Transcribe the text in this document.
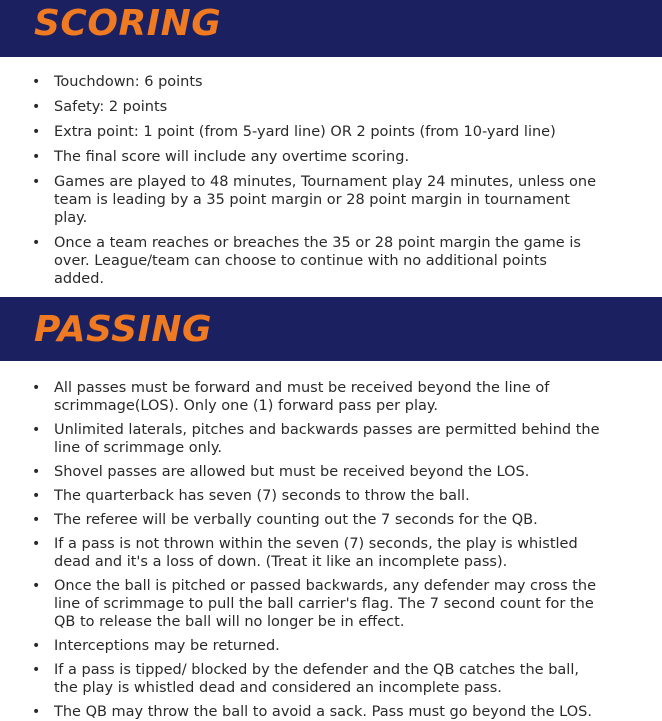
SCORING
• Touchdown: 6 points
• Safety: 2 points
• Extra point: 1 point (from 5-yard line) OR 2 points (from 10-yard line)
• The final score will include any overtime scoring.
• Games are played to 48 minutes, Tournament play 24 minutes, unless one team is leading by a 35 point margin or 28 point margin in tournament play.
• Once a team reaches or breaches the 35 or 28 point margin the game is over. League/team can choose to continue with no additional points added.
PASSING
• All passes must be forward and must be received beyond the line of scrimmage(LOS). Only one (1) forward pass per play.
• Unlimited laterals, pitches and backwards passes are permitted behind the line of scrimmage only.
• Shovel passes are allowed but must be received beyond the LOS.
• The quarterback has seven (7) seconds to throw the ball.
• The referee will be verbally counting out the 7 seconds for the QB.
• If a pass is not thrown within the seven (7) seconds, the play is whistled dead and it's a loss of down. (Treat it like an incomplete pass).
• Once the ball is pitched or passed backwards, any defender may cross the line of scrimmage to pull the ball carrier's flag. The 7 second count for the QB to release the ball will no longer be in effect.
• Interceptions may be returned.
• If a pass is tipped/ blocked by the defender and the QB catches the ball, the play is whistled dead and considered an incomplete pass.
• The QB may throw the ball to avoid a sack. Pass must go beyond the LOS.
